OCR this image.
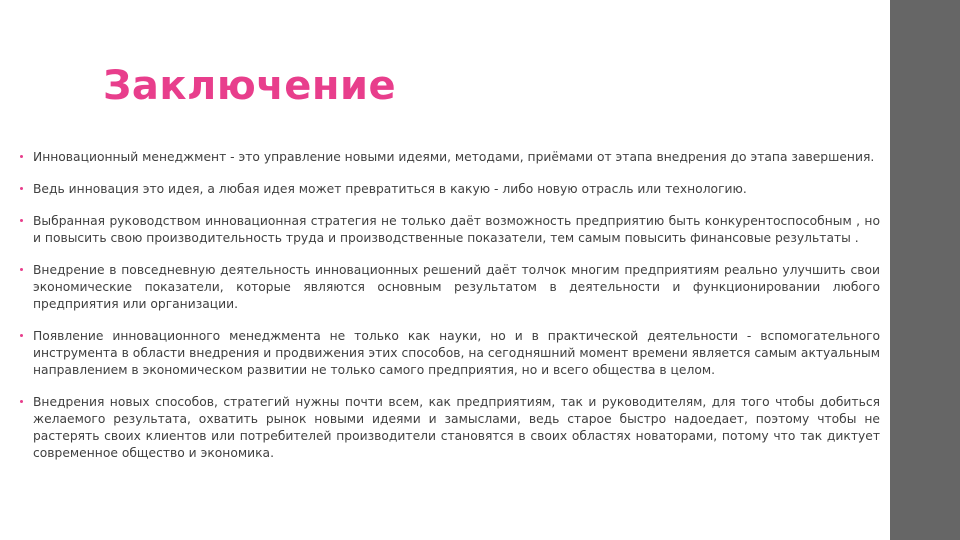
Заключение
Инновационный менеджмент - это управление новыми идеями, методами, приёмами от этапа внедрения до этапа завершения.
Ведь инновация это идея, а любая идея может превратиться в какую - либо новую отрасль или технологию.
Выбранная руководством инновационная стратегия не только даёт возможность предприятию быть конкурентоспособным , но и повысить свою производительность труда и производственные показатели, тем самым повысить финансовые результаты .
Внедрение в повседневную деятельность инновационных решений даёт толчок многим предприятиям реально улучшить свои экономические показатели, которые являются основным результатом в деятельности и функционировании любого предприятия или организации.
Появление инновационного менеджмента не только как науки, но и в практической деятельности - вспомогательного инструмента в области внедрения и продвижения этих способов, на сегодняшний момент времени является самым актуальным направлением в экономическом развитии не только самого предприятия, но и всего общества в целом.
Внедрения новых способов, стратегий нужны почти всем, как предприятиям, так и руководителям, для того чтобы добиться желаемого результата, охватить рынок новыми идеями и замыслами, ведь старое быстро надоедает, поэтому чтобы не растерять своих клиентов или потребителей производители становятся в своих областях новаторами, потому что так диктует современное общество и экономика.
